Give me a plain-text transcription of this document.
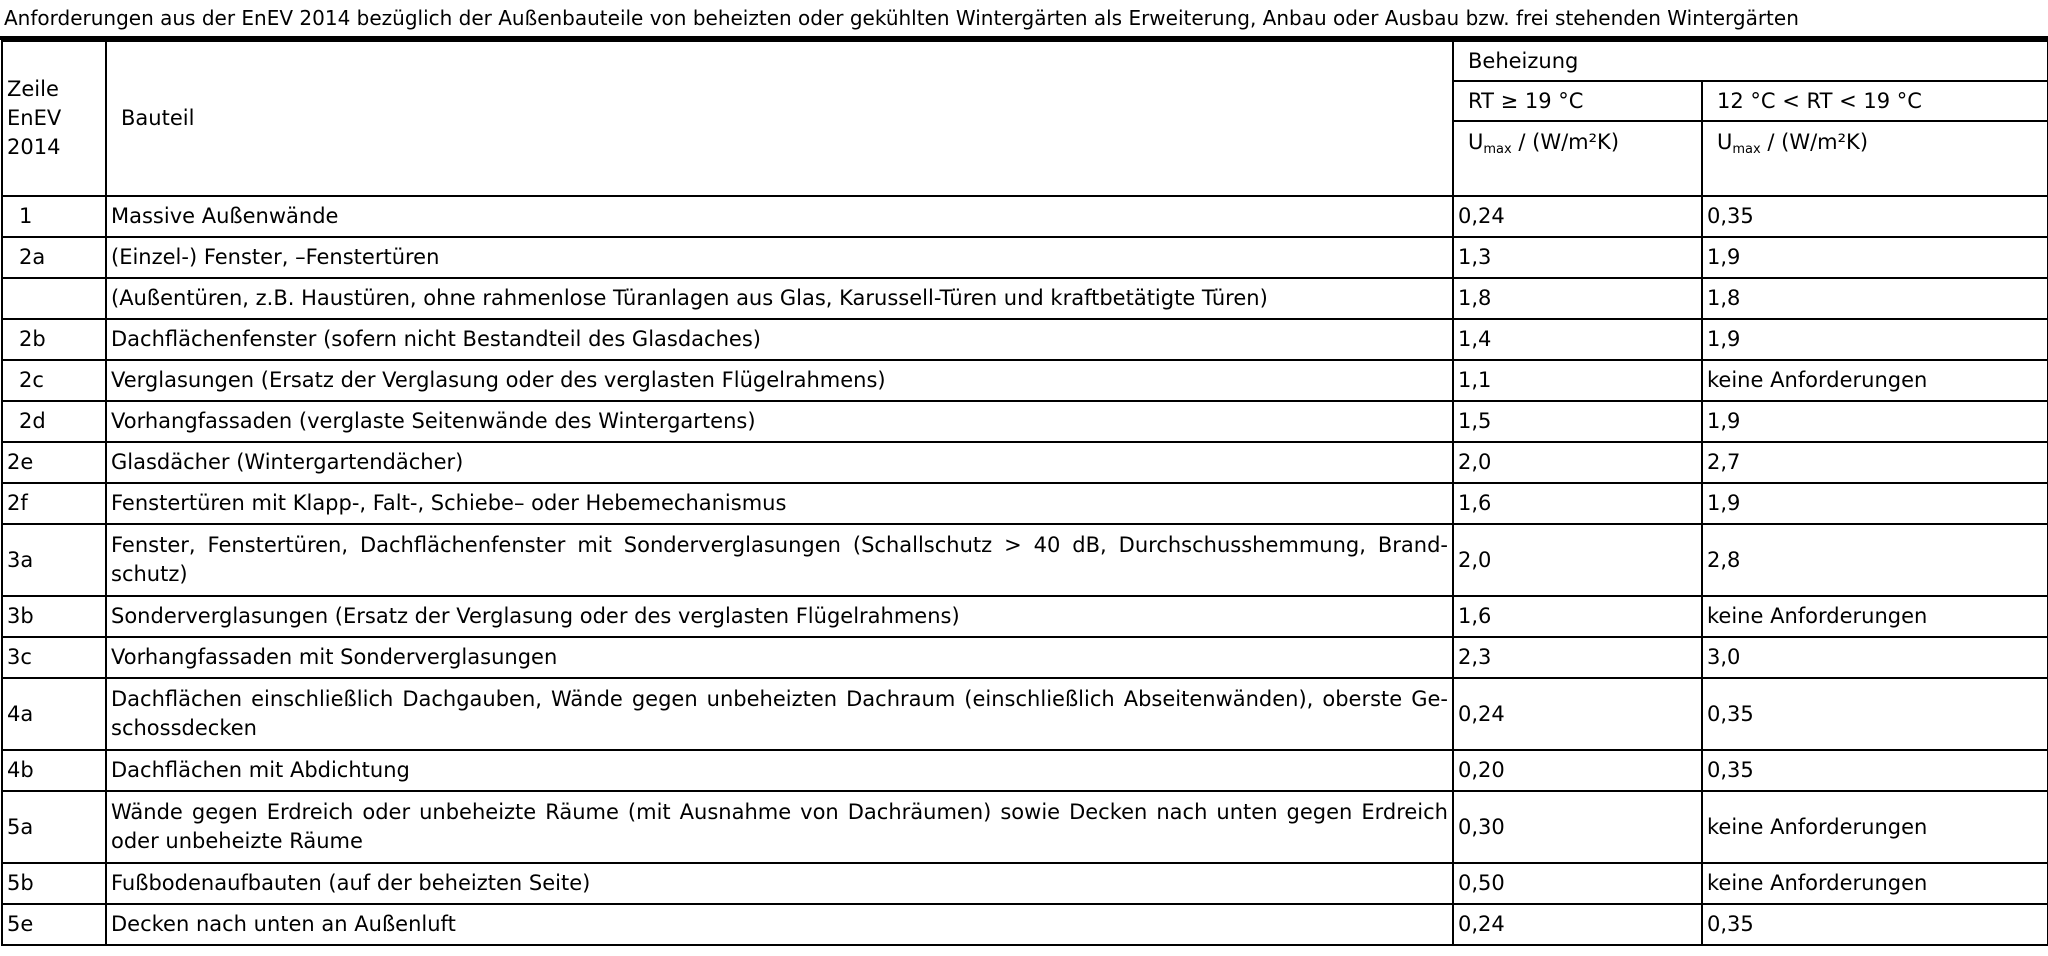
Anforderungen aus der EnEV 2014 bezüglich der Außenbauteile von beheizten oder gekühlten Wintergärten als Erweiterung, Anbau oder Ausbau bzw. frei stehenden Wintergärten
Zeile
EnEV
2014	Bauteil	Beheizung	
		RT ≥ 19 °C	12 °C < RT < 19 °C
		$U_{max} / (W/m^2K)$	$U_{max} / (W/m^2K)$
1	Massive Außenwände	0,24	0,35
2a	(Einzel-) Fenster, –Fenstertüren	1,3	1,9
	(Außentüren, z.B. Haustüren, ohne rahmenlose Türanlagen aus Glas, Karussell-Türen und kraftbetätigte Türen)	1,8	1,8
2b	Dachflächenfenster (sofern nicht Bestandteil des Glasdaches)	1,4	1,9
2c	Verglasungen (Ersatz der Verglasung oder des verglasten Flügelrahmens)	1,1	keine Anforderungen
2d	Vorhangfassaden (verglaste Seitenwände des Wintergartens)	1,5	1,9
2e	Glasdächer (Wintergartendächer)	2,0	2,7
2f	Fenstertüren mit Klapp-, Falt-, Schiebe– oder Hebemechanismus	1,6	1,9
3a	Fenster, Fenstertüren, Dachflächenfenster mit Sonderverglasungen (Schallschutz > 40 dB, Durchschusshemmung, Brand-schutz)	2,0	2,8
3b	Sonderverglasungen (Ersatz der Verglasung oder des verglasten Flügelrahmens)	1,6	keine Anforderungen
3c	Vorhangfassaden mit Sonderverglasungen	2,3	3,0
4a	Dachflächen einschließlich Dachgauben, Wände gegen unbeheizten Dachraum (einschließlich Abseitenwänden), oberste Ge-schossdecken	0,24	0,35
4b	Dachflächen mit Abdichtung	0,20	0,35
5a	Wände gegen Erdreich oder unbeheizte Räume (mit Ausnahme von Dachräumen) sowie Decken nach unten gegen Erdreich oder unbeheizte Räume	0,30	keine Anforderungen
5b	Fußbodenaufbauten (auf der beheizten Seite)	0,50	keine Anforderungen
5e	Decken nach unten an Außenluft	0,24	0,35
